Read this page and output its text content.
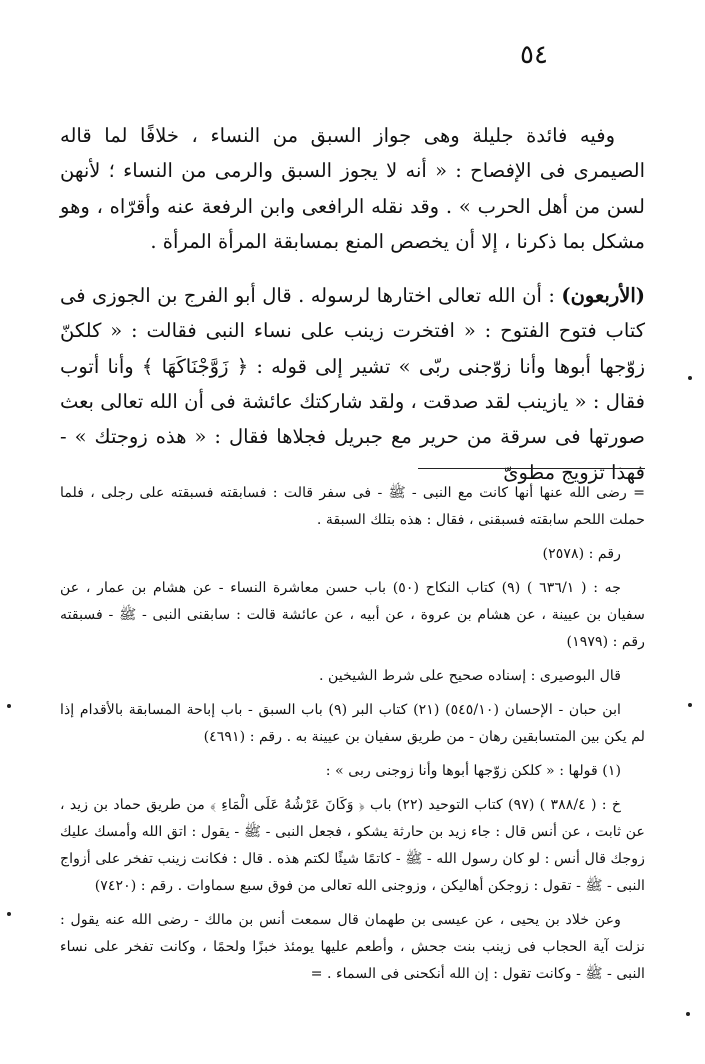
٥٤

وفيه فائدة جليلة وهى جواز السبق من النساء ، خلافًا لما قاله الصيمرى فى الإفصاح : « أنه لا يجوز السبق والرمى من النساء ؛ لأنهن لسن من أهل الحرب » . وقد نقله الرافعى وابن الرفعة عنه وأقرّاه ، وهو مشكل بما ذكرنا ، إلا أن يخصص المنع بمسابقة المرأة المرأة .

(الأربعون) : أن الله تعالى اختارها لرسوله . قال أبو الفرج بن الجوزى فى كتاب فتوح الفتوح : « افتخرت زينب على نساء النبى فقالت : « كلكنّ زوّجها أبوها وأنا زوّجنى ربّى » تشير إلى قوله : ﴿ زَوَّجْنَاكَهَا ﴾ وأنا أتوب فقال : « يازينب لقد صدقت ، ولقد شاركتك عائشة فى أن الله تعالى بعث صورتها فى سرقة من حرير مع جبريل فجلاها فقال : « هذه زوجتك » - فهذا تزويج مطوىّ

= رضى الله عنها أنها كانت مع النبى - ﷺ - فى سفر قالت : فسابقته فسبقته على رجلى ، فلما حملت اللحم سابقته فسبقنى ، فقال : هذه بتلك السبقة .

رقم : (٢٥٧٨)

جه : ( ٦٣٦/١ ) (٩) كتاب النكاح (٥٠) باب حسن معاشرة النساء - عن هشام بن عمار ، عن سفيان بن عيينة ، عن هشام بن عروة ، عن أبيه ، عن عائشة قالت : سابقنى النبى - ﷺ - فسبقته رقم : (١٩٧٩)

قال البوصيرى : إسناده صحيح على شرط الشيخين .

ابن حبان - الإحسان (٥٤٥/١٠) (٢١) كتاب البر (٩) باب السبق - باب إباحة المسابقة بالأقدام إذا لم يكن بين المتسابقين رهان - من طريق سفيان بن عيينة به . رقم : (٤٦٩١)

(١) قولها : « كلكن زوّجها أبوها وأنا زوجنى ربى » :

خ : ( ٣٨٨/٤ ) (٩٧) كتاب التوحيد (٢٢) باب ﴿ وَكَانَ عَرْشُهُ عَلَى الْمَاءِ ﴾ من طريق حماد بن زيد ، عن ثابت ، عن أنس قال : جاء زيد بن حارثة يشكو ، فجعل النبى - ﷺ - يقول : اتق الله وأمسك عليك زوجك قال أنس : لو كان رسول الله - ﷺ - كاتمًا شيئًا لكتم هذه . قال : فكانت زينب تفخر على أزواج النبى - ﷺ - تقول : زوجكن أهاليكن ، وزوجنى الله تعالى من فوق سبع سماوات . رقم : (٧٤٢٠)

وعن خلاد بن يحيى ، عن عيسى بن طهمان قال سمعت أنس بن مالك - رضى الله عنه يقول : نزلت آية الحجاب فى زينب بنت جحش ، وأطعم عليها يومئذ خبزًا ولحمًا ، وكانت تفخر على نساء النبى - ﷺ - وكانت تقول : إن الله أنكحنى فى السماء . =
